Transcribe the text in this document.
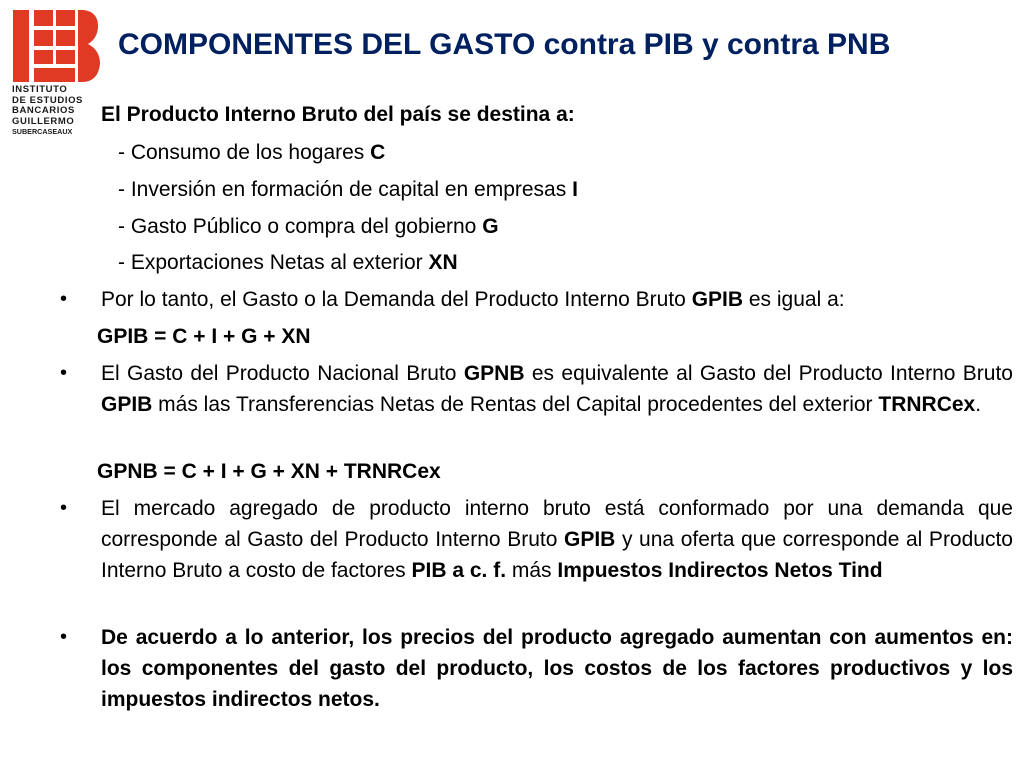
INSTITUTO
DE ESTUDIOS
BANCARIOS
GUILLERMO
SUBERCASEAUX
COMPONENTES DEL GASTO contra PIB y contra PNB
El Producto Interno Bruto del país se destina a:
- Consumo de los hogares C
- Inversión en formación de capital en empresas I
- Gasto Público o compra del gobierno G
- Exportaciones Netas al exterior XN
• Por lo tanto, el Gasto o la Demanda del Producto Interno Bruto GPIB es igual a:
GPIB = C + I + G + XN
• El Gasto del Producto Nacional Bruto GPNB es equivalente al Gasto del Producto Interno Bruto GPIB más las Transferencias Netas de Rentas del Capital procedentes del exterior TRNRCex.
GPNB = C + I + G + XN + TRNRCex
• El mercado agregado de producto interno bruto está conformado por una demanda que corresponde al Gasto del Producto Interno Bruto GPIB y una oferta que corresponde al Producto Interno Bruto a costo de factores PIB a c. f. más Impuestos Indirectos Netos Tind
• De acuerdo a lo anterior, los precios del producto agregado aumentan con aumentos en: los componentes del gasto del producto, los costos de los factores productivos y los impuestos indirectos netos.
